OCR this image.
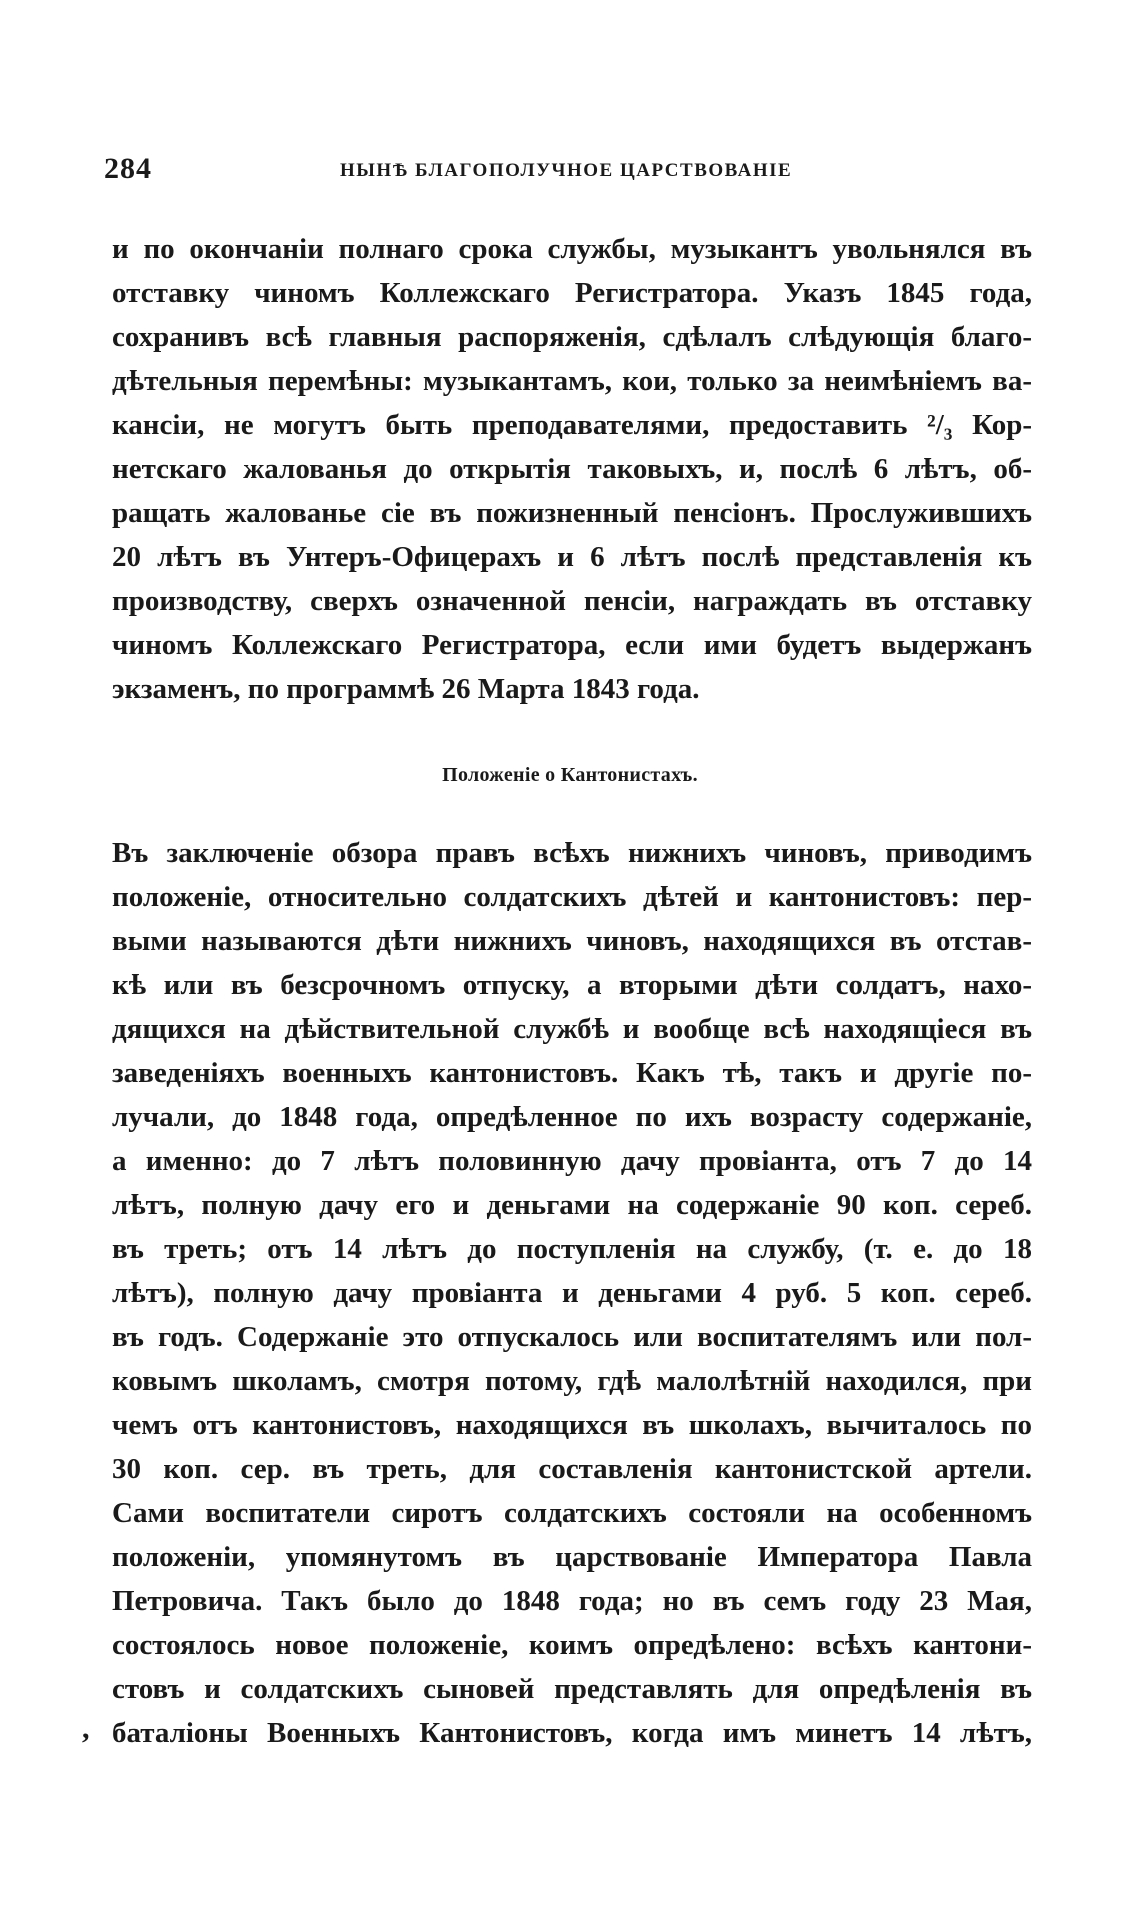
284	НЫНѢ БЛАГОПОЛУЧНОЕ ЦАРСТВОВАНІЕ
и по окончаніи полнаго срока службы, музыкантъ увольнялся въ
отставку чиномъ Коллежскаго Регистратора. Указъ 1845 года,
сохранивъ всѣ главныя распоряженія, сдѣлалъ слѣдующія благо-
дѣтельныя перемѣны: музыкантамъ, кои, только за неимѣніемъ ва-
кансіи, не могутъ быть преподавателями, предоставить ²/₃ Кор-
нетскаго жалованья до открытія таковыхъ, и, послѣ 6 лѣтъ, об-
ращать жалованье сіе въ пожизненный пенсіонъ. Прослужившихъ
20 лѣтъ въ Унтеръ-Офицерахъ и 6 лѣтъ послѣ представленія къ
производству, сверхъ означенной пенсіи, награждать въ отставку
чиномъ Коллежскаго Регистратора, если ими будетъ выдержанъ
экзаменъ, по программѣ 26 Марта 1843 года.
Положеніе о Кантонистахъ.
Въ заключеніе обзора правъ всѣхъ нижнихъ чиновъ, приводимъ
положеніе, относительно солдатскихъ дѣтей и кантонистовъ: пер-
выми называются дѣти нижнихъ чиновъ, находящихся въ отстав-
кѣ или въ безсрочномъ отпуску, а вторыми дѣти солдатъ, нахо-
дящихся на дѣйствительной службѣ и вообще всѣ находящіеся въ
заведеніяхъ военныхъ кантонистовъ. Какъ тѣ, такъ и другіе по-
лучали, до 1848 года, опредѣленное по ихъ возрасту содержаніе,
а именно: до 7 лѣтъ половинную дачу провіанта, отъ 7 до 14
лѣтъ, полную дачу его и деньгами на содержаніе 90 коп. сереб.
въ треть; отъ 14 лѣтъ до поступленія на службу, (т. е. до 18
лѣтъ), полную дачу провіанта и деньгами 4 руб. 5 коп. сереб.
въ годъ. Содержаніе это отпускалось или воспитателямъ или пол-
ковымъ школамъ, смотря потому, гдѣ малолѣтній находился, при
чемъ отъ кантонистовъ, находящихся въ школахъ, вычиталось по
30 коп. сер. въ треть, для составленія кантонистской артели.
Сами воспитатели сиротъ солдатскихъ состояли на особенномъ
положеніи, упомянутомъ въ царствованіе Императора Павла
Петровича. Такъ было до 1848 года; но въ семъ году 23 Мая,
состоялось новое положеніе, коимъ опредѣлено: всѣхъ кантони-
стовъ и солдатскихъ сыновей представлять для опредѣленія въ
баталіоны Военныхъ Кантонистовъ, когда имъ минетъ 14 лѣтъ,
,
